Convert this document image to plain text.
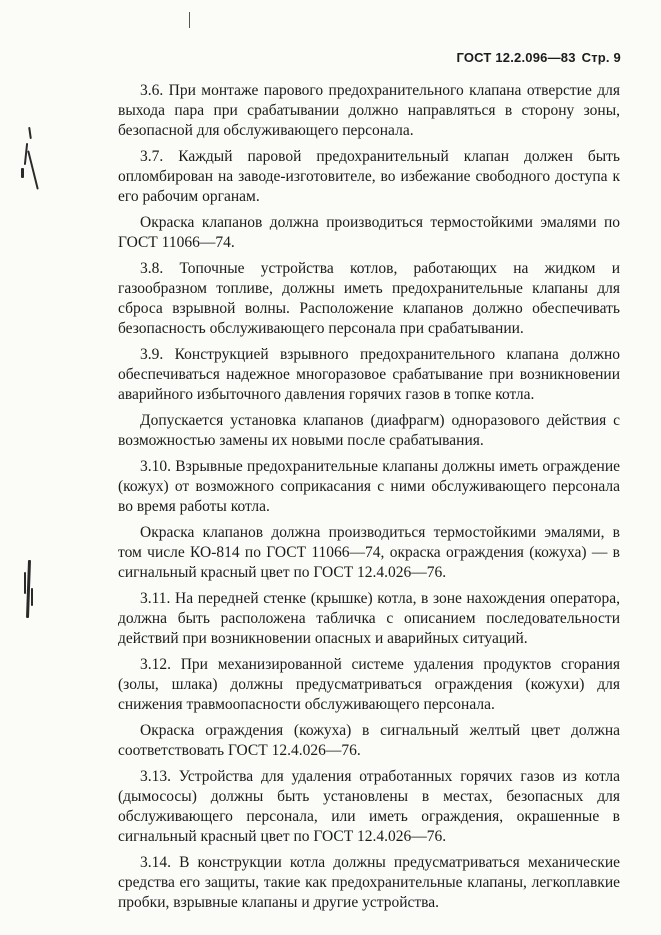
ГОСТ 12.2.096—83 Стр. 9

3.6. При монтаже парового предохранительного клапана отверстие для выхода пара при срабатывании должно направляться в сторону зоны, безопасной для обслуживающего персонала.

3.7. Каждый паровой предохранительный клапан должен быть опломбирован на заводе-изготовителе, во избежание свободного доступа к его рабочим органам.

Окраска клапанов должна производиться термостойкими эмалями по ГОСТ 11066—74.

3.8. Топочные устройства котлов, работающих на жидком и газообразном топливе, должны иметь предохранительные клапаны для сброса взрывной волны. Расположение клапанов должно обеспечивать безопасность обслуживающего персонала при срабатывании.

3.9. Конструкцией взрывного предохранительного клапана должно обеспечиваться надежное многоразовое срабатывание при возникновении аварийного избыточного давления горячих газов в топке котла.

Допускается установка клапанов (диафрагм) одноразового действия с возможностью замены их новыми после срабатывания.

3.10. Взрывные предохранительные клапаны должны иметь ограждение (кожух) от возможного соприкасания с ними обслуживающего персонала во время работы котла.

Окраска клапанов должна производиться термостойкими эмалями, в том числе КО-814 по ГОСТ 11066—74, окраска ограждения (кожуха) — в сигнальный красный цвет по ГОСТ 12.4.026—76.

3.11. На передней стенке (крышке) котла, в зоне нахождения оператора, должна быть расположена табличка с описанием последовательности действий при возникновении опасных и аварийных ситуаций.

3.12. При механизированной системе удаления продуктов сгорания (золы, шлака) должны предусматриваться ограждения (кожухи) для снижения травмоопасности обслуживающего персонала.

Окраска ограждения (кожуха) в сигнальный желтый цвет должна соответствовать ГОСТ 12.4.026—76.

3.13. Устройства для удаления отработанных горячих газов из котла (дымососы) должны быть установлены в местах, безопасных для обслуживающего персонала, или иметь ограждения, окрашенные в сигнальный красный цвет по ГОСТ 12.4.026—76.

3.14. В конструкции котла должны предусматриваться механические средства его защиты, такие как предохранительные клапаны, легкоплавкие пробки, взрывные клапаны и другие устройства.
